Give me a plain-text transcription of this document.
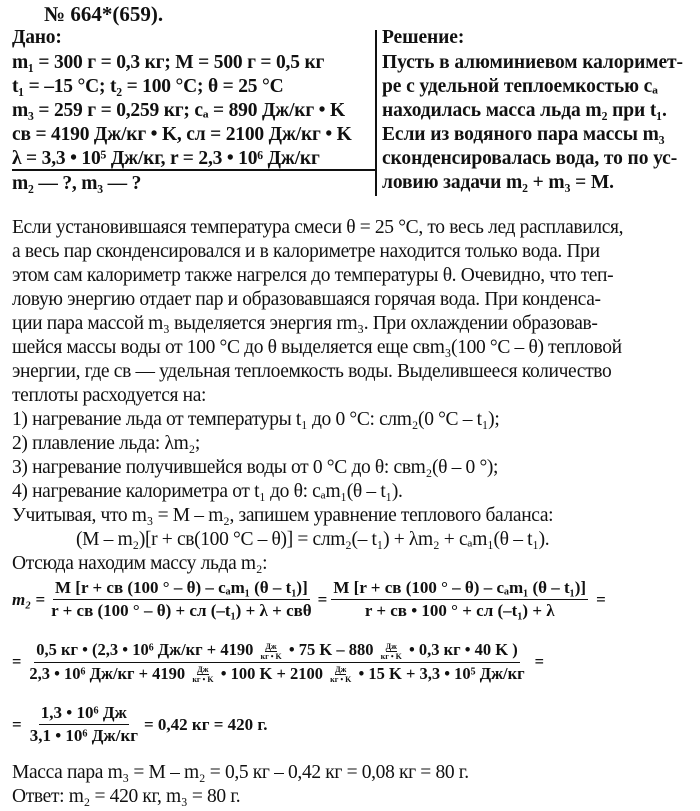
№ 664*(659).
Дано:
m₁ = 300 г = 0,3 кг; M = 500 г = 0,5 кг
t₁ = –15 °C; t₂ = 100 °C; θ = 25 °C
m₃ = 259 г = 0,259 кг; cₐ = 890 Дж/кг • K
cв = 4190 Дж/кг • K, cл = 2100 Дж/кг • K
λ = 3,3 • 10⁵ Дж/кг, r = 2,3 • 10⁶ Дж/кг
m₂ — ?, m₃ — ?
Решение:
Пусть в алюминиевом калоримет-
ре с удельной теплоемкостью cₐ
находилась масса льда m₂ при t₁.
Если из водяного пара массы m₃
сконденсировалась вода, то по ус-
ловию задачи m₂ + m₃ = M.
Если установившаяся температура смеси θ = 25 °C, то весь лед расплавился,
а весь пар сконденсировался и в калориметре находится только вода. При
этом сам калориметр также нагрелся до температуры θ. Очевидно, что теп-
ловую энергию отдает пар и образовавшаяся горячая вода. При конденса-
ции пара массой m₃ выделяется энергия rm₃. При охлаждении образовав-
шейся массы воды от 100 °C до θ выделяется еще cвm₃(100 °C – θ) тепловой
энергии, где cв — удельная теплоемкость воды. Выделившееся количество
теплоты расходуется на:
1) нагревание льда от температуры t₁ до 0 °C: cлm₂(0 °C – t₁);
2) плавление льда: λm₂;
3) нагревание получившейся воды от 0 °C до θ: cвm₂(θ – 0 °);
4) нагревание калориметра от t₁ до θ: cₐm₁(θ – t₁).
Учитывая, что m₃ = M – m₂, запишем уравнение теплового баланса:
(M – m₂)[r + cв(100 °C – θ)] = cлm₂(– t₁) + λm₂ + cₐm₁(θ – t₁).
Отсюда находим массу льда m₂:
$m_2 = \frac{\text{M [r + cв (100 ° – θ) – cₐm₁ (θ – t₁)]}}{\text{r + cв (100 ° – θ) + cл (–t₁) + λ + cвθ}} = \frac{\text{M [r + cв (100 ° – θ) – cₐm₁ (θ – t₁)]}}{\text{r + cв • 100 ° + cл (–t₁) + λ}}$ =
=
0,5 кг • (2,3 • 10⁶ Дж/кг + 4190 Дж
кг • K • 75 K – 880 Дж
кг • K • 0,3 кг • 40 K )
2,3 • 10⁶ Дж/кг + 4190 Дж
кг • K • 100 K + 2100 Дж
кг • K • 15 K + 3,3 • 10⁵ Дж/кг
=
= $\frac{\text{1,3 • 10⁶ Дж}}{\text{3,1 • 10⁶ Дж/кг}} = 0,42$ кг = 420 г.
Масса пара m₃ = M – m₂ = 0,5 кг – 0,42 кг = 0,08 кг = 80 г.
Ответ: m₂ = 420 кг, m₃ = 80 г.
